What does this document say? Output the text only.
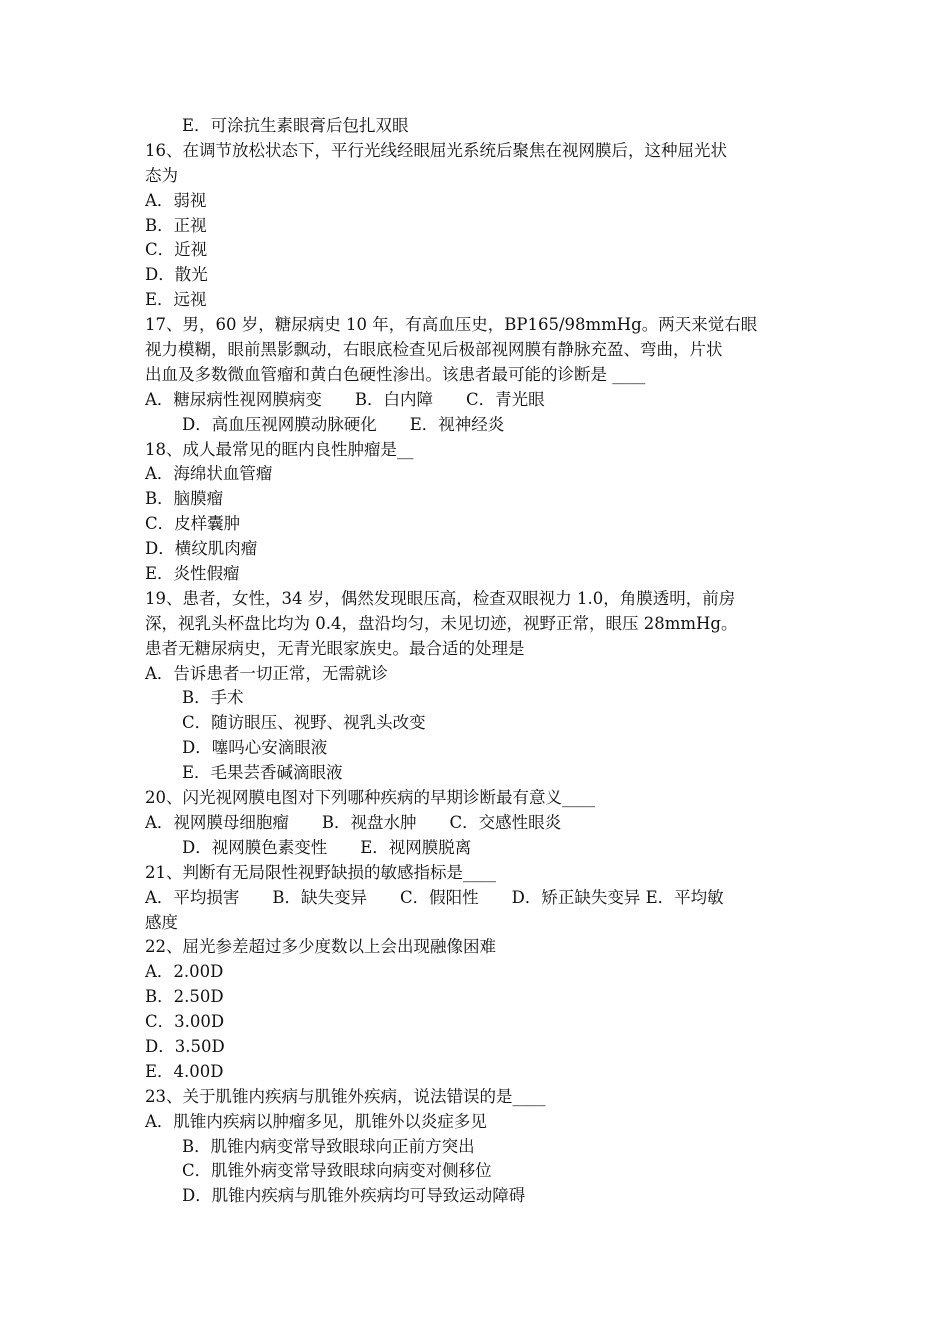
E．可涂抗生素眼膏后包扎双眼
16、在调节放松状态下，平行光线经眼屈光系统后聚焦在视网膜后，这种屈光状
态为
A．弱视
B．正视
C．近视
D．散光
E．远视
17、男，60 岁，糖尿病史 10 年，有高血压史，BP165/98mmHg。两天来觉右眼
视力模糊，眼前黑影飘动，右眼底检查见后极部视网膜有静脉充盈、弯曲，片状
出血及多数微血管瘤和黄白色硬性渗出。该患者最可能的诊断是 ____
A．糖尿病性视网膜病变　　B．白内障　　C．青光眼
D．高血压视网膜动脉硬化　　E．视神经炎
18、成人最常见的眶内良性肿瘤是__
A．海绵状血管瘤
B．脑膜瘤
C．皮样囊肿
D．横纹肌肉瘤
E．炎性假瘤
19、患者，女性，34 岁，偶然发现眼压高，检查双眼视力 1.0，角膜透明，前房
深，视乳头杯盘比均为 0.4，盘沿均匀，未见切迹，视野正常，眼压 28mmHg。
患者无糖尿病史，无青光眼家族史。最合适的处理是
A．告诉患者一切正常，无需就诊
B．手术
C．随访眼压、视野、视乳头改变
D．噻吗心安滴眼液
E．毛果芸香碱滴眼液
20、闪光视网膜电图对下列哪种疾病的早期诊断最有意义____
A．视网膜母细胞瘤　　B．视盘水肿　　C．交感性眼炎
D．视网膜色素变性　　E．视网膜脱离
21、判断有无局限性视野缺损的敏感指标是____
A．平均损害　　B．缺失变异　　C．假阳性　　D．矫正缺失变异 E．平均敏
感度
22、屈光参差超过多少度数以上会出现融像困难
A．2.00D
B．2.50D
C．3.00D
D．3.50D
E．4.00D
23、关于肌锥内疾病与肌锥外疾病，说法错误的是____
A．肌锥内疾病以肿瘤多见，肌锥外以炎症多见
B．肌锥内病变常导致眼球向正前方突出
C．肌锥外病变常导致眼球向病变对侧移位
D．肌锥内疾病与肌锥外疾病均可导致运动障碍
